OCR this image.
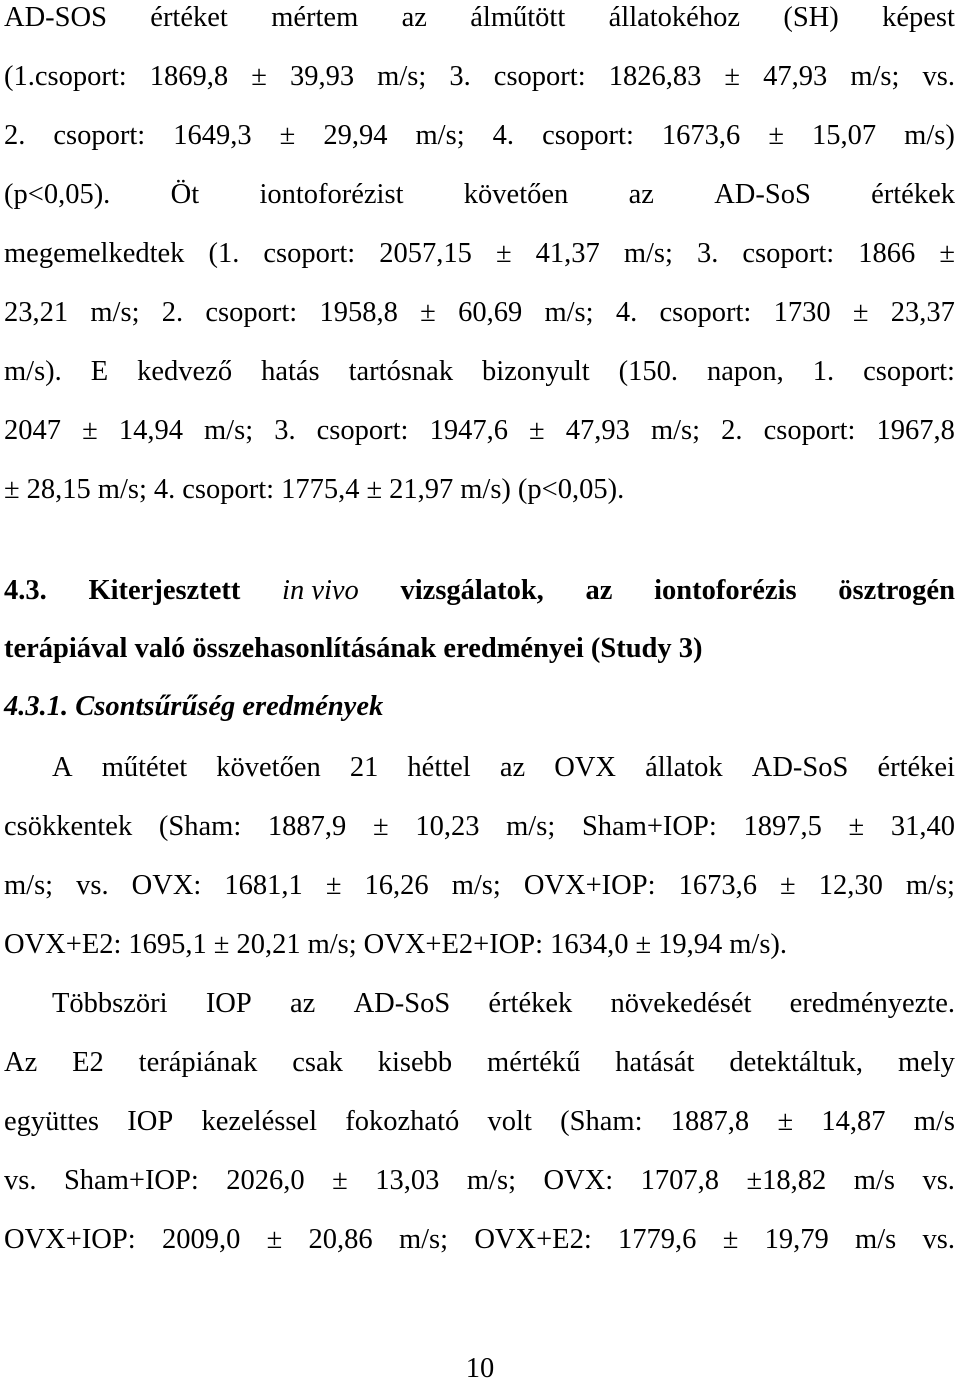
AD-SOS értéket mértem az álműtött állatokéhoz (SH) képest
(1.csoport: 1869,8 ± 39,93 m/s; 3. csoport: 1826,83 ± 47,93 m/s; vs.
2. csoport: 1649,3 ± 29,94 m/s; 4. csoport: 1673,6 ± 15,07 m/s)
(p<0,05). Öt iontoforézist követően az AD-SoS értékek
megemelkedtek (1. csoport: 2057,15 ± 41,37 m/s; 3. csoport: 1866 ±
23,21 m/s; 2. csoport: 1958,8 ± 60,69 m/s; 4. csoport: 1730 ± 23,37
m/s). E kedvező hatás tartósnak bizonyult (150. napon, 1. csoport:
2047 ± 14,94 m/s; 3. csoport: 1947,6 ± 47,93 m/s; 2. csoport: 1967,8
± 28,15 m/s; 4. csoport: 1775,4 ± 21,97 m/s) (p<0,05).
4.3. Kiterjesztett in vivo vizsgálatok, az iontoforézis ösztrogén
terápiával való összehasonlításának eredményei (Study 3)
4.3.1. Csontsűrűség eredmények
A műtétet követően 21 héttel az OVX állatok AD-SoS értékei
csökkentek (Sham: 1887,9 ± 10,23 m/s; Sham+IOP: 1897,5 ± 31,40
m/s; vs. OVX: 1681,1 ± 16,26 m/s; OVX+IOP: 1673,6 ± 12,30 m/s;
OVX+E2: 1695,1 ± 20,21 m/s; OVX+E2+IOP: 1634,0 ± 19,94 m/s).
Többszöri IOP az AD-SoS értékek növekedését eredményezte.
Az E2 terápiának csak kisebb mértékű hatását detektáltuk, mely
együttes IOP kezeléssel fokozható volt (Sham: 1887,8 ± 14,87 m/s
vs. Sham+IOP: 2026,0 ± 13,03 m/s; OVX: 1707,8 ±18,82 m/s vs.
OVX+IOP: 2009,0 ± 20,86 m/s; OVX+E2: 1779,6 ± 19,79 m/s vs.
10
